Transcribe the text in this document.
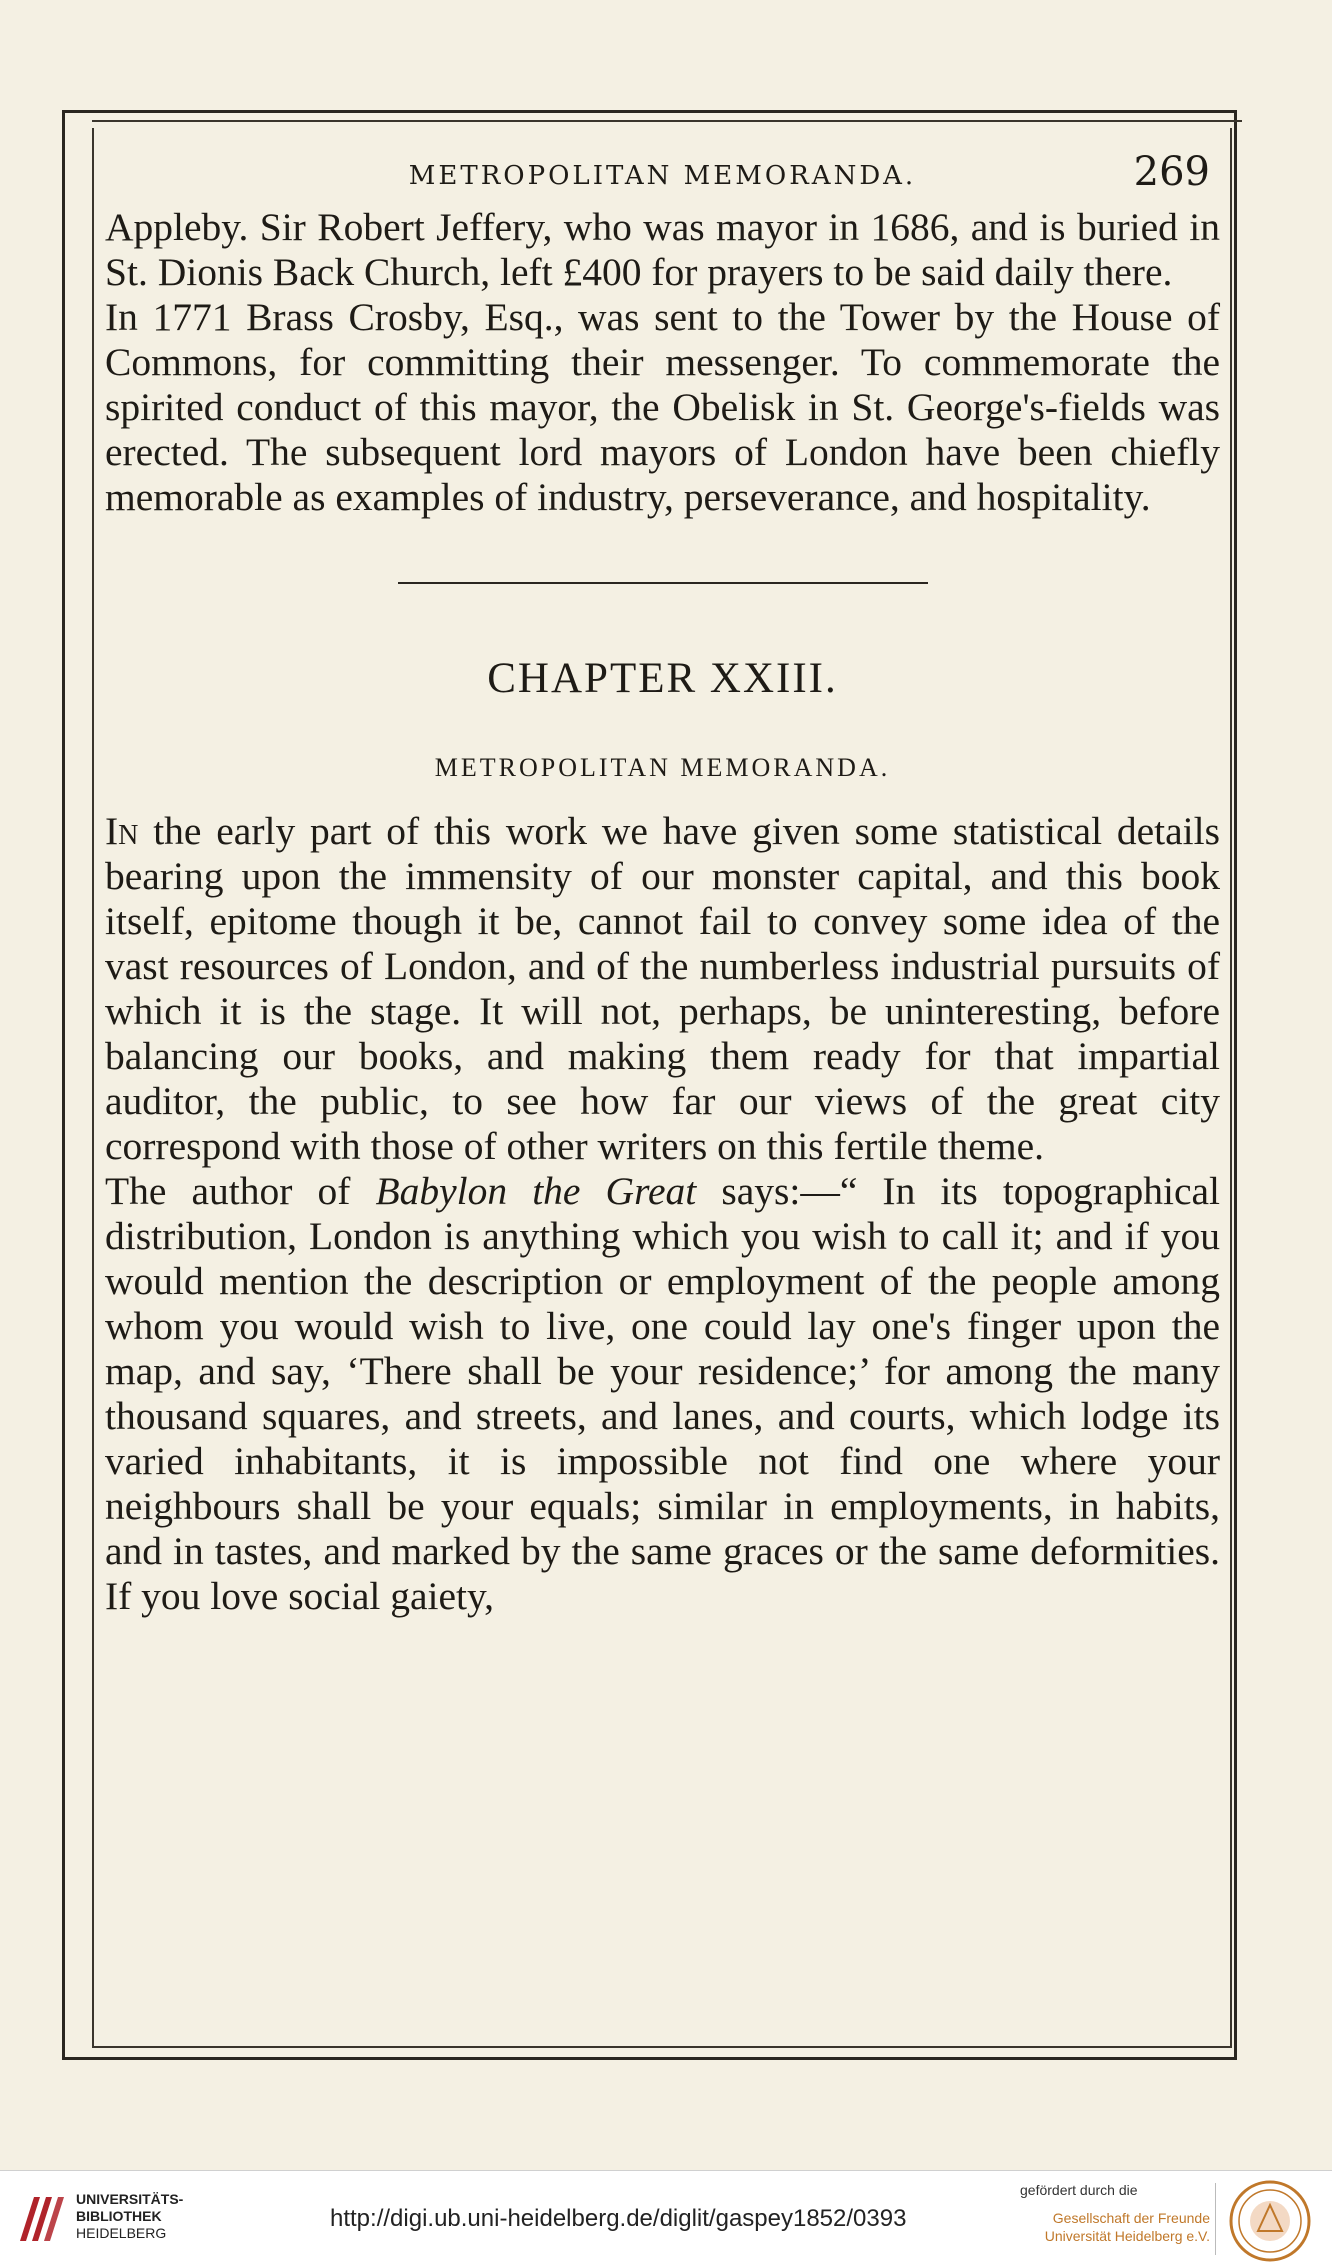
METROPOLITAN MEMORANDA.	269

Appleby. Sir Robert Jeffery, who was mayor in 1686, and is buried in St. Dionis Back Church, left £400 for prayers to be said daily there.

In 1771 Brass Crosby, Esq., was sent to the Tower by the House of Commons, for committing their messenger. To commemorate the spirited conduct of this mayor, the Obelisk in St. George's-fields was erected. The subsequent lord mayors of London have been chiefly memorable as examples of industry, perseverance, and hospitality.

CHAPTER XXIII.
METROPOLITAN MEMORANDA.

In the early part of this work we have given some statistical details bearing upon the immensity of our monster capital, and this book itself, epitome though it be, cannot fail to convey some idea of the vast resources of London, and of the numberless industrial pursuits of which it is the stage. It will not, perhaps, be uninteresting, before balancing our books, and making them ready for that impartial auditor, the public, to see how far our views of the great city correspond with those of other writers on this fertile theme.

The author of Babylon the Great says:—“ In its topographical distribution, London is anything which you wish to call it; and if you would mention the description or employment of the people among whom you would wish to live, one could lay one's finger upon the map, and say, ‘There shall be your residence;’ for among the many thousand squares, and streets, and lanes, and courts, which lodge its varied inhabitants, it is impossible not find one where your neighbours shall be your equals; similar in employments, in habits, and in tastes, and marked by the same graces or the same deformities. If you love social gaiety,

UNIVERSITÄTS-
BIBLIOTHEK
HEIDELBERG
http://digi.ub.uni-heidelberg.de/diglit/gaspey1852/0393
gefördert durch die
Gesellschaft der Freunde
Universität Heidelberg e.V.
